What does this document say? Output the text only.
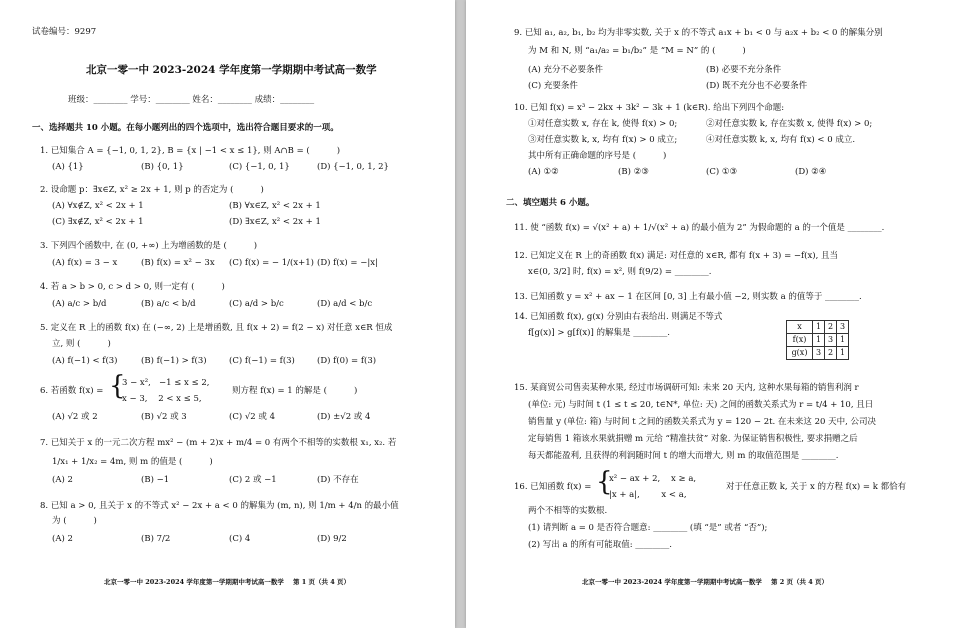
试卷编号：9297
北京一零一中 2023-2024 学年度第一学期期中考试高一数学
班级：________ 学号：________ 姓名：________ 成绩：________
一、选择题共 10 小题。在每小题列出的四个选项中，选出符合题目要求的一项。
1. 已知集合 A = {−1, 0, 1, 2}, B = {x | −1 < x ≤ 1}, 则 A∩B = (          )
(A) {1}	(B) {0, 1}	(C) {−1, 0, 1}	(D) {−1, 0, 1, 2}
2. 设命题 p：∃x∈Z, x² ≥ 2x + 1, 则 p 的否定为 (          )
(A) ∀x∉Z, x² < 2x + 1	(B) ∀x∈Z, x² < 2x + 1
(C) ∃x∉Z, x² < 2x + 1	(D) ∃x∈Z, x² < 2x + 1
3. 下列四个函数中, 在 (0, +∞) 上为增函数的是 (          )
(A) f(x) = 3 − x	(B) f(x) = x² − 3x (C) f(x) = − 1/(x+1) (D) f(x) = −|x|
4. 若 a > b > 0, c > d > 0, 则一定有 (          )
(A) a/c > b/d	(B) a/c < b/d	(C) a/d > b/c	(D) a/d < b/c
5. 定义在 R 上的函数 f(x) 在 (−∞, 2) 上是增函数, 且 f(x + 2) = f(2 − x) 对任意 x∈R 恒成
立, 则 (          )
(A) f(−1) < f(3)	(B) f(−1) > f(3)	(C) f(−1) = f(3)	(D) f(0) = f(3)
6. 若函数 f(x) = {
3 − x²,   −1 ≤ x ≤ 2,
x − 3,    2 < x ≤ 5,
则方程 f(x) = 1 的解是 (          )
(A) √2 或 2	(B) √2 或 3	(C) √2 或 4	(D) ±√2 或 4
7. 已知关于 x 的一元二次方程 mx² − (m + 2)x + m/4 = 0 有两个不相等的实数根 x₁, x₂. 若
1/x₁ + 1/x₂ = 4m, 则 m 的值是 (          )
(A) 2	(B) −1	(C) 2 或 −1	(D) 不存在
8. 已知 a > 0, 且关于 x 的不等式 x² − 2x + a < 0 的解集为 (m, n), 则 1/m + 4/n 的最小值
为 (          )
(A) 2	(B) 7/2	(C) 4	(D) 9/2
北京一零一中 2023-2024 学年度第一学期期中考试高一数学    第 1 页（共 4 页）
9. 已知 a₁, a₂, b₁, b₂ 均为非零实数, 关于 x 的不等式 a₁x + b₁ < 0 与 a₂x + b₂ < 0 的解集分别
为 M 和 N, 则 “a₁/a₂ = b₁/b₂” 是 “M = N” 的 (          )
(A) 充分不必要条件	(B) 必要不充分条件
(C) 充要条件	(D) 既不充分也不必要条件
10. 已知 f(x) = x³ − 2kx + 3k² − 3k + 1 (k∈R). 给出下列四个命题:
①对任意实数 x, 存在 k, 使得 f(x) > 0;	②对任意实数 k, 存在实数 x, 使得 f(x) > 0;
③对任意实数 k, x, 均有 f(x) > 0 成立;	④对任意实数 k, x, 均有 f(x) < 0 成立.
其中所有正确命题的序号是 (          )
(A) ①②	(B) ②③	(C) ①③	(D) ②④
二、填空题共 6 小题。
11. 使 “函数 f(x) = √(x² + a) + 1/√(x² + a) 的最小值为 2” 为假命题的 a 的一个值是 ________.
12. 已知定义在 R 上的奇函数 f(x) 满足: 对任意的 x∈R, 都有 f(x + 3) = −f(x), 且当
x∈(0, 3/2] 时, f(x) = x², 则 f(9/2) = ________.
13. 已知函数 y = x² + ax − 1 在区间 [0, 3] 上有最小值 −2, 则实数 a 的值等于 ________.
14. 已知函数 f(x), g(x) 分别由右表给出. 则满足不等式
f[g(x)] > g[f(x)] 的解集是 ________.
x	1	2	3
f(x)	1	3	1
g(x)	3	2	1
15. 某商贸公司售卖某种水果, 经过市场调研可知: 未来 20 天内, 这种水果每箱的销售利润 r
(单位: 元) 与时间 t (1 ≤ t ≤ 20, t∈N*, 单位: 天) 之间的函数关系式为 r = t/4 + 10, 且日
销售量 y (单位: 箱) 与时间 t 之间的函数关系式为 y = 120 − 2t. 在未来这 20 天中, 公司决
定每销售 1 箱该水果就捐赠 m 元给 “精准扶贫” 对象. 为保证销售积极性, 要求捐赠之后
每天都能盈利, 且获得的利润随时间 t 的增大而增大, 则 m 的取值范围是 ________.
16. 已知函数 f(x) = {
x² − ax + 2,    x ≥ a,
|x + a|,        x < a,
对于任意正数 k, 关于 x 的方程 f(x) = k 都恰有
两个不相等的实数根.
(1) 请判断 a = 0 是否符合题意: ________ (填 “是” 或者 “否”);
(2) 写出 a 的所有可能取值: ________.
北京一零一中 2023-2024 学年度第一学期期中考试高一数学    第 2 页（共 4 页）
